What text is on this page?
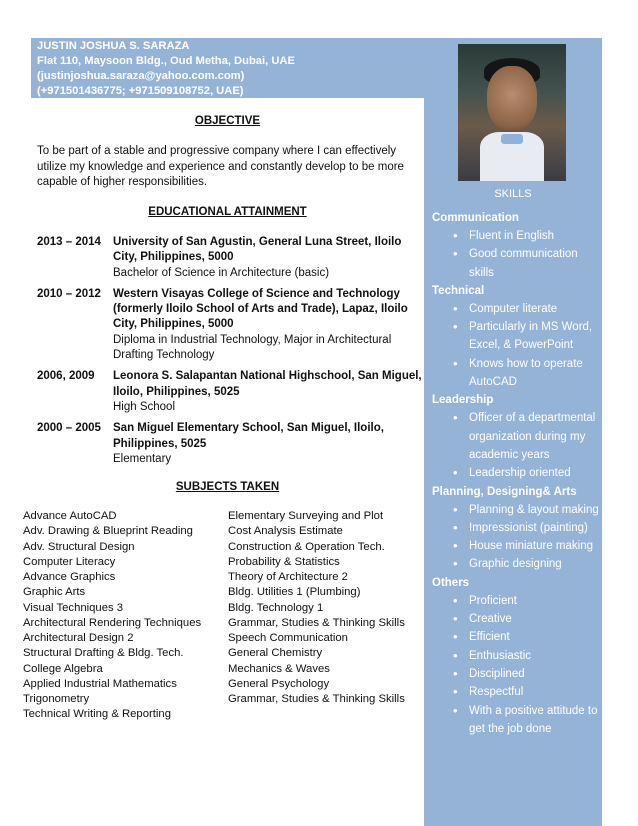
JUSTIN JOSHUA S. SARAZA
Flat 110, Maysoon Bldg., Oud Metha, Dubai, UAE
(justinjoshua.saraza@yahoo.com.com)
(+971501436775; +971509108752, UAE)
OBJECTIVE
To be part of a stable and progressive company where I can effectively utilize my knowledge and experience and constantly develop to be more capable of higher responsibilities.
EDUCATIONAL ATTAINMENT
2013 – 2014	University of San Agustin, General Luna Street, Iloilo City, Philippines, 5000
Bachelor of Science in Architecture (basic)
2010 – 2012	Western Visayas College of Science and Technology (formerly Iloilo School of Arts and Trade), Lapaz, Iloilo City, Philippines, 5000
Diploma in Industrial Technology, Major in Architectural Drafting Technology
2006, 2009	Leonora S. Salapantan National Highschool, San Miguel, Iloilo, Philippines, 5025
High School
2000 – 2005	San Miguel Elementary School, San Miguel, Iloilo, Philippines, 5025
Elementary
SUBJECTS TAKEN
Advance AutoCAD
Adv. Drawing & Blueprint Reading
Adv. Structural Design
Computer Literacy
Advance Graphics
Graphic Arts
Visual Techniques 3
Architectural Rendering Techniques
Architectural Design 2
Structural Drafting & Bldg. Tech.
College Algebra
Applied Industrial Mathematics
Trigonometry
Technical Writing & Reporting
Elementary Surveying and Plot
Cost Analysis Estimate
Construction & Operation Tech.
Probability & Statistics
Theory of Architecture 2
Bldg. Utilities 1 (Plumbing)
Bldg. Technology 1
Grammar, Studies & Thinking Skills
Speech Communication
General Chemistry
Mechanics & Waves
General Psychology
Grammar, Studies & Thinking Skills
SKILLS
Communication
• Fluent in English
• Good communication skills
Technical
• Computer literate
• Particularly in MS Word, Excel, & PowerPoint
• Knows how to operate AutoCAD
Leadership
• Officer of a departmental organization during my academic years
• Leadership oriented
Planning, Designing& Arts
• Planning & layout making
• Impressionist (painting)
• House miniature making
• Graphic designing
Others
• Proficient
• Creative
• Efficient
• Enthusiastic
• Disciplined
• Respectful
• With a positive attitude to get the job done
